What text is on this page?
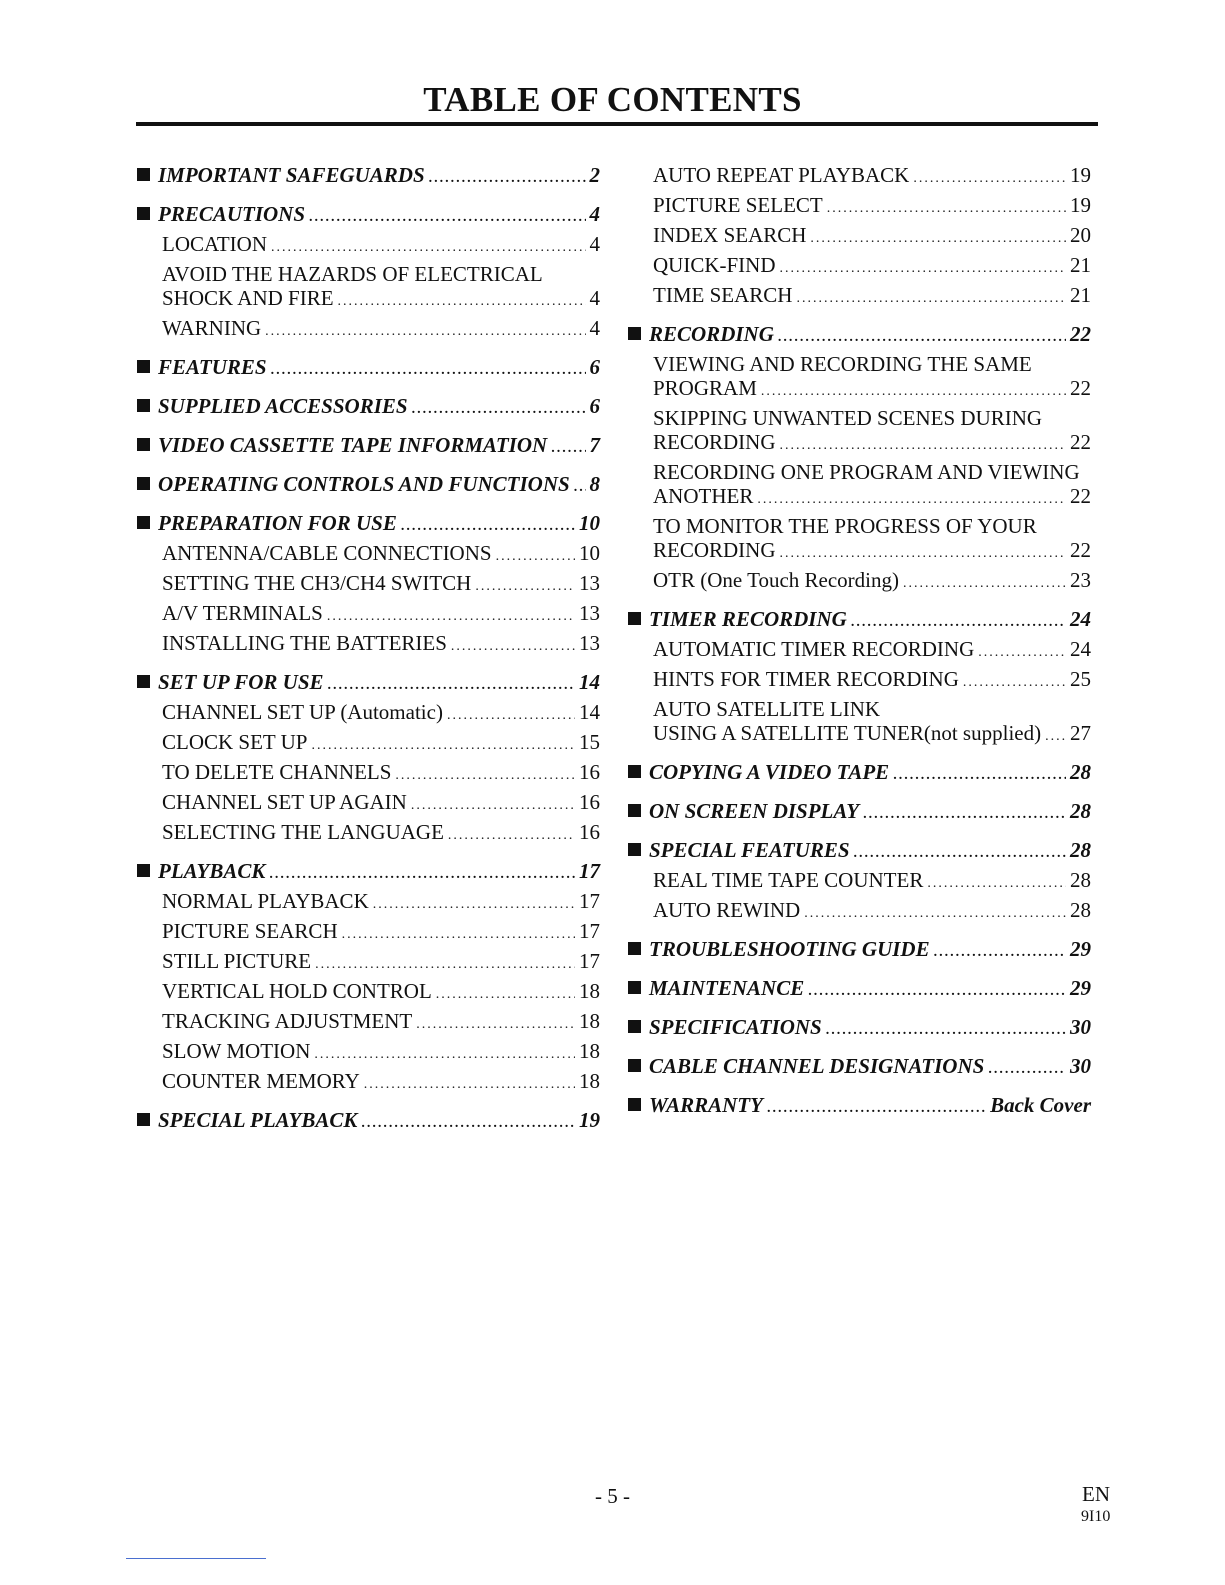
TABLE OF CONTENTS
IMPORTANT SAFEGUARDS .....	2
PRECAUTIONS .....	4
LOCATION .....	4
AVOID THE HAZARDS OF ELECTRICAL
SHOCK AND FIRE .....	4
WARNING .....	4
FEATURES .....	6
SUPPLIED ACCESSORIES .....	6
VIDEO CASSETTE TAPE INFORMATION ..... 7
OPERATING CONTROLS AND FUNCTIONS ..... 8
PREPARATION FOR USE .....	10
ANTENNA/CABLE CONNECTIONS .....	10
SETTING THE CH3/CH4 SWITCH .....	13
A/V TERMINALS .....	13
INSTALLING THE BATTERIES .....	13
SET UP FOR USE .....	14
CHANNEL SET UP (Automatic) .....	14
CLOCK SET UP .....	15
TO DELETE CHANNELS .....	16
CHANNEL SET UP AGAIN .....	16
SELECTING THE LANGUAGE .....	16
PLAYBACK .....	17
NORMAL PLAYBACK .....	17
PICTURE SEARCH .....	17
STILL PICTURE .....	17
VERTICAL HOLD CONTROL .....	18
TRACKING ADJUSTMENT .....	18
SLOW MOTION .....	18
COUNTER MEMORY .....	18
SPECIAL PLAYBACK .....	19
AUTO REPEAT PLAYBACK .....	19
PICTURE SELECT .....	19
INDEX SEARCH .....	20
QUICK-FIND .....	21
TIME SEARCH .....	21
RECORDING .....	22
VIEWING AND RECORDING THE SAME
PROGRAM .....	22
SKIPPING UNWANTED SCENES DURING
RECORDING .....	22
RECORDING ONE PROGRAM AND VIEWING
ANOTHER .....	22
TO MONITOR THE PROGRESS OF YOUR
RECORDING .....	22
OTR (One Touch Recording) .....	23
TIMER RECORDING .....	24
AUTOMATIC TIMER RECORDING .....	24
HINTS FOR TIMER RECORDING .....	25
AUTO SATELLITE LINK
USING A SATELLITE TUNER(not supplied) ..... 27
COPYING A VIDEO TAPE .....	28
ON SCREEN DISPLAY .....	28
SPECIAL FEATURES .....	28
REAL TIME TAPE COUNTER .....	28
AUTO REWIND .....	28
TROUBLESHOOTING GUIDE .....	29
MAINTENANCE .....	29
SPECIFICATIONS .....	30
CABLE CHANNEL DESIGNATIONS .....	30
WARRANTY .....	Back Cover
- 5 -	EN
9I10
